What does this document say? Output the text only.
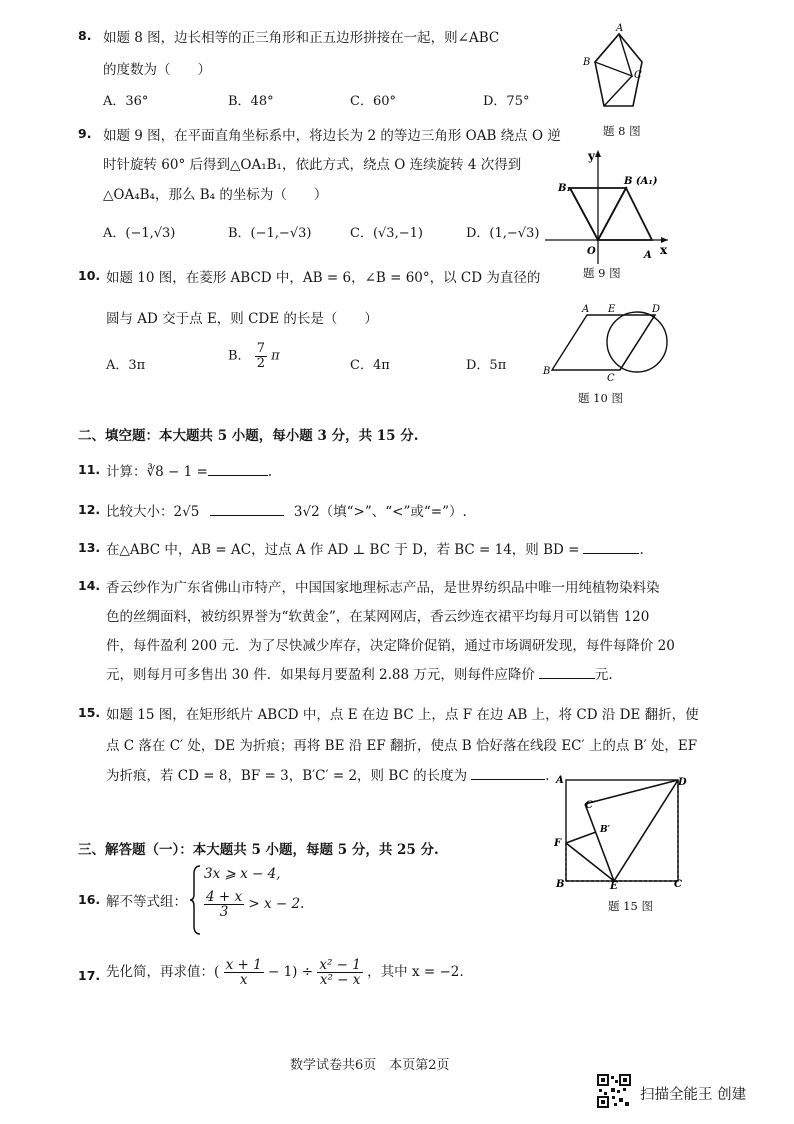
8. 如题 8 图，边长相等的正三角形和正五边形拼接在一起，则∠ABC
的度数为（　　）
A．36°	B．48°	C．60°	D．75°
A
B
C
题 8 图
9. 如题 9 图，在平面直角坐标系中，将边长为 2 的等边三角形 OAB 绕点 O 逆
时针旋转 60° 后得到△OA₁B₁，依此方式，绕点 O 连续旋转 4 次得到
△OA₄B₄，那么 B₄ 的坐标为（　　）
A．(−1,√3)	B．(−1,−√3)	C．(√3,−1)	D．(1,−√3)
y
x
O	A
B (A₁)
B₁
题 9 图
10. 如题 10 图，在菱形 ABCD 中，AB = 6，∠B = 60°，以 CD 为直径的
圆与 AD 交于点 E，则 CDE 的长是（　　）
A．3π
B． $\frac{7}{2}$ π
C．4π	D．5π
A E	D
B
C
题 10 图
二、填空题：本大题共 5 小题，每小题 3 分，共 15 分.
11. 计算：∛8 − 1 =	.
12. 比较大小：2√5	3√2（填“>”、“<”或“=”）.
13. 在△ABC 中，AB = AC，过点 A 作 AD ⊥ BC 于 D，若 BC = 14，则 BD =	.
14. 香云纱作为广东省佛山市特产，中国国家地理标志产品，是世界纺织品中唯一用纯植物染料染
色的丝绸面料，被纺织界誉为“软黄金”，在某网网店，香云纱连衣裙平均每月可以销售 120
件，每件盈利 200 元．为了尽快减少库存，决定降价促销，通过市场调研发现，每件每降价 20
元，则每月可多售出 30 件．如果每月要盈利 2.88 万元，则每件应降价	元.
15. 如题 15 图，在矩形纸片 ABCD 中，点 E 在边 BC 上，点 F 在边 AB 上，将 CD 沿 DE 翻折，使
点 C 落在 C′ 处，DE 为折痕；再将 BE 沿 EF 翻折，使点 B 恰好落在线段 EC′ 上的点 B′ 处，EF
为折痕，若 CD = 8，BF = 3，B′C′ = 2，则 BC 的长度为	. A	D
C′
B′
F
B	E	C
题 15 图
三、解答题（一）：本大题共 5 小题，每题 5 分，共 25 分.
16. 解不等式组：
3x ⩾ x − 4,
$\frac{4 + x}{3} > x - 2$.
17. 先化简，再求值：( $\frac{x + 1}{x} - 1) \div \frac{\text{x² − 1}}{\text{x² − x}}$ ，其中 x = −2.
数学试卷共6页　本页第2页
扫描全能王 创建
